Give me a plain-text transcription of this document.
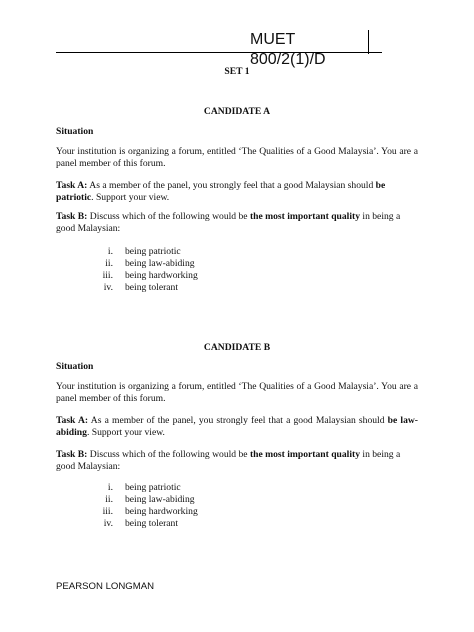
MUET 800/2(1)/D
SET 1
CANDIDATE A
Situation
Your institution is organizing a forum, entitled ‘The Qualities of a Good Malaysia’. You are a panel member of this forum.
Task A: As a member of the panel, you strongly feel that a good Malaysian should be patriotic. Support your view.
Task B: Discuss which of the following would be the most important quality in being a good Malaysian:
i. being patriotic
ii. being law-abiding
iii. being hardworking
iv. being tolerant
CANDIDATE B
Situation
Your institution is organizing a forum, entitled ‘The Qualities of a Good Malaysia’. You are a panel member of this forum.
Task A: As a member of the panel, you strongly feel that a good Malaysian should be law-abiding. Support your view.
Task B: Discuss which of the following would be the most important quality in being a good Malaysian:
i. being patriotic
ii. being law-abiding
iii. being hardworking
iv. being tolerant
PEARSON LONGMAN
